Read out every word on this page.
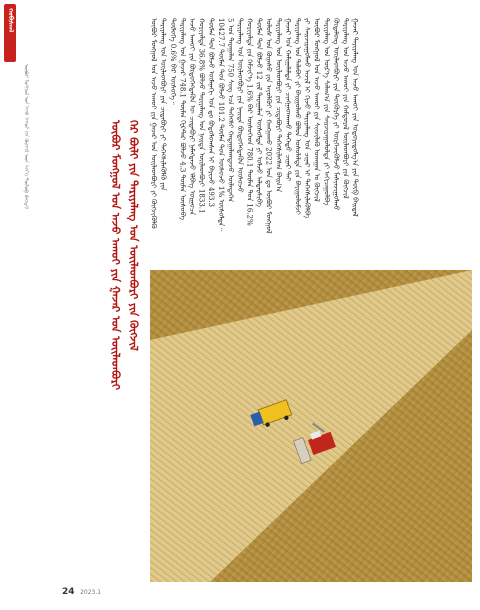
ᠬᠤᠪᠢᠰᠬᠠᠯ
ᠥᠪᠦᠷ ᠮᠣᠩᠭᠣᠯ ᠤᠨ ᠠᠵᠤ ᠠᠬᠤᠢ ᠶᠢᠨ ᠬᠥᠭᠵᠢᠯ ᠦᠨ ᠰᠢᠨ᠎ᠡ ᠲᠥᠯᠦᠪ ᠪᠠᠢᠳᠠᠯ	ᠥᠪᠦᠷ ᠮᠣᠩᠭᠣᠯ ᠤᠨ ᠠᠵᠤ ᠠᠬᠤᠢ ᠶᠢᠨ ᠭᠠᠵᠠᠷ ᠤᠨ ᠦᠢᠯᠡᠳᠪᠦᠷᠢ ᠭᠡᠷ ᠪᠦᠯᠢ ᠶᠢᠨ ᠲᠠᠷᠢᠶᠠᠯᠠᠩ ᠤᠨ ᠦᠢᠯᠡᠳᠪᠦᠷᠢ ᠶᠢᠨ ᠬᠥᠭᠵᠢᠯ ᠥᠪᠦᠷ ᠮᠣᠩᠭᠣᠯ ᠤᠨ ᠠᠵᠤ ᠠᠬᠤᠢ ᠶᠢᠨ ᠭᠠᠵᠠᠷ ᠤᠨ ᠦᠢᠯᠡᠳᠪᠦᠷᠢ ᠶᠢ ᠬᠥᠭᠵᠢᠭᠦᠯᠬᠦ ᠲᠠᠷᠢᠶᠠᠯᠠᠩ ᠤᠨ ᠦᠢᠯᠡᠳᠪᠦᠷᠢ ᠶᠢᠨ ᠴᠢᠳᠠᠪᠤᠷᠢ ᠶᠢ ᠳᠡᠭᠡᠭᠰᠢᠯᠡᠭᠦᠯᠬᠦ ᠶᠢᠨ ᠲᠥᠯᠦᠭᠡ 0.6% ᠪᠡᠷ ᠥᠰᠦᠭᠡ᠃ ᠲᠠᠷᠢᠶᠠᠯᠠᠩ ᠤᠨ ᠭᠠᠵᠠᠷ 748.1 ᠲᠦᠮᠡᠨ ᠭᠧᠺᠲ᠋ᠠᠷ ᠪᠣᠯᠵᠤ 4.3 ᠲᠦᠮᠡᠨ ᠥᠰᠦᠪᠡ ᠠᠵᠤ ᠠᠬᠤᠢ ᠶᠢᠨ ᠪᠦᠲᠦᠭᠡᠭᠳᠡᠬᠦᠨ ᠦ ᠴᠢᠳᠠᠪᠤᠷᠢ ᠨᠡᠮᠡᠭᠳᠡᠵᠦ ᠡᠯᠪᠡᠭ ᠤᠷᠭᠤᠴᠠ ᠬᠤᠷᠢᠶᠠᠯᠲᠠ 36.8% ᠪᠣᠯᠵᠤ ᠲᠠᠷᠢᠶᠠᠯᠠᠩ ᠤᠨ ᠨᠡᠢᠲᠡ ᠦᠢᠯᠡᠳᠪᠦᠷᠢ 1833.1 ᠲᠦᠮᠡᠨ ᠲᠣᠨ ᠪᠣᠯᠵᠤ ᠥᠮᠡᠨᠡᠬᠢ ᠣᠨ ᠳᠤ ᠪᠣᠳᠣᠯᠣᠭᠰᠠᠨ ᠢ ᠪᠠᠷᠢᠵᠤ 493.3 10427.7 ᠲᠦᠮᠡᠨ ᠲᠣᠨ ᠪᠣᠯᠵᠤ 101.2 ᠲᠦᠮᠡᠨ ᠲᠣᠨ ᠥᠰᠦᠵᠦ 1% ᠥᠰᠦᠯᠲᠡ᠃ 5 ᠣᠨ ᠳᠠᠷᠠᠭᠠᠯᠠᠨ 750 ᠰᠢᠩ ᠡᠴᠡ ᠳᠡᠭᠡᠭᠰᠢ ᠬᠠᠳᠠᠭᠠᠯᠠᠭᠳᠠᠵᠤ ᠦᠯᠡᠳᠡᠭᠡᠨ ᠲᠠᠷᠢᠶᠠᠯᠠᠩ ᠤᠨ ᠦᠢᠯᠡᠳᠪᠦᠷᠢ ᠶᠢᠨ ᠨᠡᠢᠲᠡ ᠪᠦᠲᠦᠭᠡᠭᠳᠡᠬᠦᠨ ᠥᠰᠦᠵᠦ ᠬᠤᠷᠢᠶᠠᠯᠲᠠ ᠶᠢᠨ ᠬᠡᠮᠵᠢᠶ᠎ᠡ 1.6% ᠪᠡᠷ ᠥᠰᠦᠭᠡᠳ 780.1 ᠲᠦᠮᠡᠨ ᠲᠣᠨ 16.2% ᠲᠦᠮᠡᠨ ᠲᠣᠨ ᠪᠣᠯᠵᠤ 12 ᠵᠢᠯ ᠳᠠᠷᠠᠭᠠᠯᠠᠨ ᠥᠰᠦᠯᠲᠡ ᠶᠢ ᠣᠯᠵᠤ ᠠᠯᠳᠠᠷᠰᠢᠪᠠ ᠤᠯᠤᠰ ᠤᠨ ᠬᠦᠨᠡᠰᠦ ᠶᠢᠨ ᠠᠶᠤᠯᠭᠦᠢ ᠶᠢ ᠬᠠᠩᠭᠠᠬᠤ 2022 ᠣᠨ ᠳᠤ ᠥᠪᠦᠷ ᠮᠣᠩᠭᠣᠯ ᠲᠠᠷᠢᠶᠠᠯᠠᠩ ᠤᠨ ᠦᠢᠯᠡᠳᠪᠦᠷᠢ ᠶᠢᠨ ᠴᠢᠳᠠᠪᠤᠷᠢ ᠳᠡᠭᠡᠭᠰᠢᠯᠡᠭᠰᠡᠨ ᠪᠠᠢᠨ᠎ᠠ ᠭᠠᠵᠠᠷ ᠤᠨ ᠬᠠᠮᠢᠭᠠᠯᠠᠯᠲᠠ ᠶᠢ ᠴᠢᠩᠭᠠᠳᠬᠠᠬᠤ ᠳᠡᠭᠡᠳᠦ ᠴᠢᠨᠠᠷ ᠲᠠᠢ ᠲᠠᠷᠢᠶᠠᠯᠠᠩ ᠤᠨ ᠲᠠᠯᠠᠪᠠᠢ ᠶᠢ ᠪᠠᠢᠭᠤᠯᠬᠤ ᠪᠣᠯᠣᠨ ᠤᠰᠤᠯᠠᠯᠲᠠ ᠶᠢᠨ ᠪᠠᠶᠢᠭᠤᠯᠤᠮᠵᠢ ᠶᠢ ᠰᠠᠢᠵᠢᠷᠠᠭᠤᠯᠬᠤ ᠠᠵᠢᠯ ᠢ ᠬᠢᠵᠦ ᠲᠠᠷᠢᠶᠠᠯᠠᠩ ᠤᠨ ᠴᠢᠨᠠᠷ ᠢ ᠳᠡᠭᠡᠭᠰᠢᠯᠡᠭᠦᠯᠪᠡ ᠥᠪᠦᠷ ᠮᠣᠩᠭᠣᠯ ᠤᠨ ᠠᠵᠤ ᠠᠬᠤᠢ ᠶᠢᠨ ᠰᠢᠨᠵᠢᠯᠡᠬᠦ ᠤᠬᠠᠭᠠᠨ ᠤ ᠬᠥᠭᠵᠢᠯ ᠲᠠᠷᠢᠶᠠᠯᠠᠩ ᠤᠨ ᠦᠷ᠎ᠡ ᠰᠠᠯᠠᠭ᠎ᠠ ᠶᠢᠨ ᠰᠠᠢᠵᠢᠷᠠᠭᠤᠯᠤᠯᠲᠠ ᠶᠢ ᠠᠬᠢᠴᠠᠭᠤᠯᠪᠠ ᠬᠥᠳᠡᠯᠦᠩ ᠦᠢᠯᠡᠳᠪᠦᠷᠢ ᠶᠢᠨ ᠳᠦᠭᠦᠷᠭᠡ ᠶᠢ ᠥᠷᠭᠡᠵᠢᠭᠦᠯᠵᠦ ᠮᠠᠰᠢᠨᠵᠢᠭᠤᠯᠬᠤ ᠲᠠᠷᠢᠶᠠᠯᠠᠩ ᠤᠨ ᠠᠵᠤ ᠠᠬᠤᠢ ᠶᠢᠨ ᠬᠠᠮᠲᠤᠷᠠᠯ ᠦᠢᠯᠡᠳᠪᠦᠷᠢ ᠶᠢᠨ ᠬᠥᠭᠵᠢᠯ ᠭᠠᠵᠠᠷ ᠲᠠᠷᠢᠶᠠᠯᠠᠩ ᠤᠨ ᠠᠵᠤ ᠠᠬᠤᠢ ᠶᠢᠨ ᠤᠳᠤᠷᠢᠳᠤᠯᠭ᠎ᠠ ᠶᠢᠨ ᠲᠥᠪ ᠪᠠᠢᠳᠠᠯ
24 2023.1
